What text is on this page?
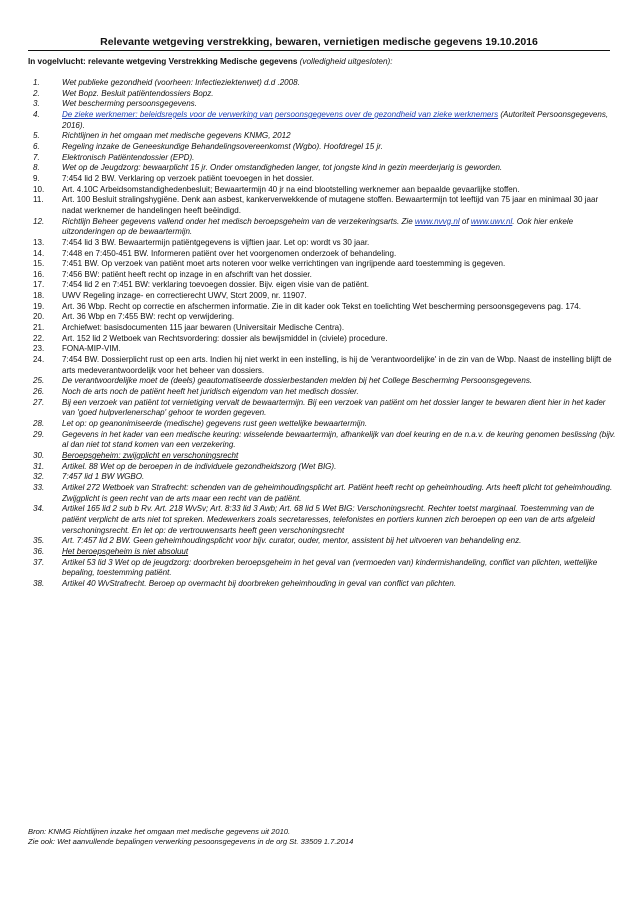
Relevante wetgeving verstrekking, bewaren, vernietigen medische gegevens 19.10.2016
In vogelvlucht: relevante wetgeving Verstrekking Medische gegevens (volledigheid uitgesloten):
1.	Wet publieke gezondheid (voorheen: Infectieziektenwet) d.d .2008.
2.	Wet Bopz. Besluit patiëntendossiers Bopz.
3.	Wet bescherming persoonsgegevens.
4.	De zieke werknemer: beleidsregels voor de verwerking van persoonsgegevens over de gezondheid van zieke werknemers (Autoriteit Persoonsgegevens, 2016).
5.	Richtlijnen in het omgaan met medische gegevens KNMG, 2012
6.	Regeling inzake de Geneeskundige Behandelingsovereenkomst (Wgbo). Hoofdregel 15 jr.
7.	Elektronisch Patiëntendossier (EPD).
8.	Wet op de Jeugdzorg: bewaarplicht 15 jr. Onder omstandigheden langer, tot jongste kind in gezin meerderjarig is geworden.
9.	7:454 lid 2 BW. Verklaring op verzoek patiënt toevoegen in het dossier.
10.	Art. 4.10C Arbeidsomstandighedenbesluit; Bewaartermijn 40 jr na eind blootstelling werknemer aan bepaalde gevaarlijke stoffen.
11.	Art. 100 Besluit stralingshygiëne. Denk aan asbest, kankerverwekkende of mutagene stoffen. Bewaartermijn tot leeftijd van 75 jaar en minimaal 30 jaar nadat werknemer de handelingen heeft beëindigd.
12.	Richtlijn Beheer gegevens vallend onder het medisch beroepsgeheim van de verzekeringsarts. Zie www.nvvg.nl of www.uwv.nl. Ook hier enkele uitzonderingen op de bewaartermijn.
13.	7:454 lid 3 BW. Bewaartermijn patiëntgegevens is vijftien jaar. Let op: wordt vs 30 jaar.
14.	7:448 en 7:450-451 BW. Informeren patiënt over het voorgenomen onderzoek of behandeling.
15.	7:451 BW. Op verzoek van patiënt moet arts noteren voor welke verrichtingen van ingrijpende aard toestemming is gegeven.
16.	7:456 BW: patiënt heeft recht op inzage in en afschrift van het dossier.
17.	7:454 lid 2 en 7:451 BW: verklaring toevoegen dossier. Bijv. eigen visie van de patiënt.
18.	UWV Regeling inzage- en correctierecht UWV, Stcrt 2009, nr. 11907.
19.	Art. 36 Wbp. Recht op correctie en afschermen informatie. Zie in dit kader ook Tekst en toelichting Wet bescherming persoonsgegevens pag. 174.
20.	Art. 36 Wbp en 7:455 BW: recht op verwijdering.
21.	Archiefwet: basisdocumenten 115 jaar bewaren (Universitair Medische Centra).
22.	Art. 152 lid 2 Wetboek van Rechtsvordering: dossier als bewijsmiddel in (civiele) procedure.
23.	FONA-MIP-VIM.
24.	7:454 BW. Dossierplicht rust op een arts. Indien hij niet werkt in een instelling, is hij de 'verantwoordelijke' in de zin van de Wbp. Naast de instelling blijft de arts medeverantwoordelijk voor het beheer van dossiers.
25.	De verantwoordelijke moet de (deels) geautomatiseerde dossierbestanden melden bij het College Bescherming Persoonsgegevens.
26.	Noch de arts noch de patiënt heeft het juridisch eigendom van het medisch dossier.
27.	Bij een verzoek van patiënt tot vernietiging vervalt de bewaartermijn. Bij een verzoek van patiënt om het dossier langer te bewaren dient hier in het kader van 'goed hulpverlenerschap' gehoor te worden gegeven.
28.	Let op: op geanonimiseerde (medische) gegevens rust geen wettelijke bewaartermijn.
29.	Gegevens in het kader van een medische keuring: wisselende bewaartermijn, afhankelijk van doel keuring en de n.a.v. de keuring genomen beslissing (bijv. al dan niet tot stand komen van een verzekering.
30.	Beroepsgeheim: zwijgplicht en verschoningsrecht
31.	Artikel. 88 Wet op de beroepen in de individuele gezondheidszorg (Wet BIG).
32.	7:457 lid 1 BW WGBO.
33.	Artikel 272 Wetboek van Strafrecht: schenden van de geheimhoudingsplicht art. Patiënt heeft recht op geheimhouding. Arts heeft plicht tot geheimhouding. Zwijgplicht is geen recht van de arts maar een recht van de patiënt.
34.	Artikel 165 lid 2 sub b Rv. Art. 218 WvSv; Art. 8:33 lid 3 Awb; Art. 68 lid 5 Wet BIG: Verschoningsrecht. Rechter toetst marginaal. Toestemming van de patiënt verplicht de arts niet tot spreken. Medewerkers zoals secretaresses, telefonistes en portiers kunnen zich beroepen op een van de arts afgeleid verschoningsrecht. En let op: de vertrouwensarts heeft geen verschoningsrecht
35.	Art. 7:457 lid 2 BW. Geen geheimhoudingsplicht voor bijv. curator, ouder, mentor, assistent bij het uitvoeren van behandeling enz.
36.	Het beroepsgeheim is niet absoluut
37.	Artikel 53 lid 3 Wet op de jeugdzorg: doorbreken beroepsgeheim in het geval van (vermoeden van) kindermishandeling, conflict van plichten, wettelijke bepaling, toestemming patiënt.
38.	Artikel 40 WvStrafrecht. Beroep op overmacht bij doorbreken geheimhouding in geval van conflict van plichten.
Bron: KNMG Richtlijnen inzake het omgaan met medische gegevens uit 2010.
Zie ook: Wet aanvullende bepalingen verwerking pesoonsgegevens in de org St. 33509 1.7.2014
